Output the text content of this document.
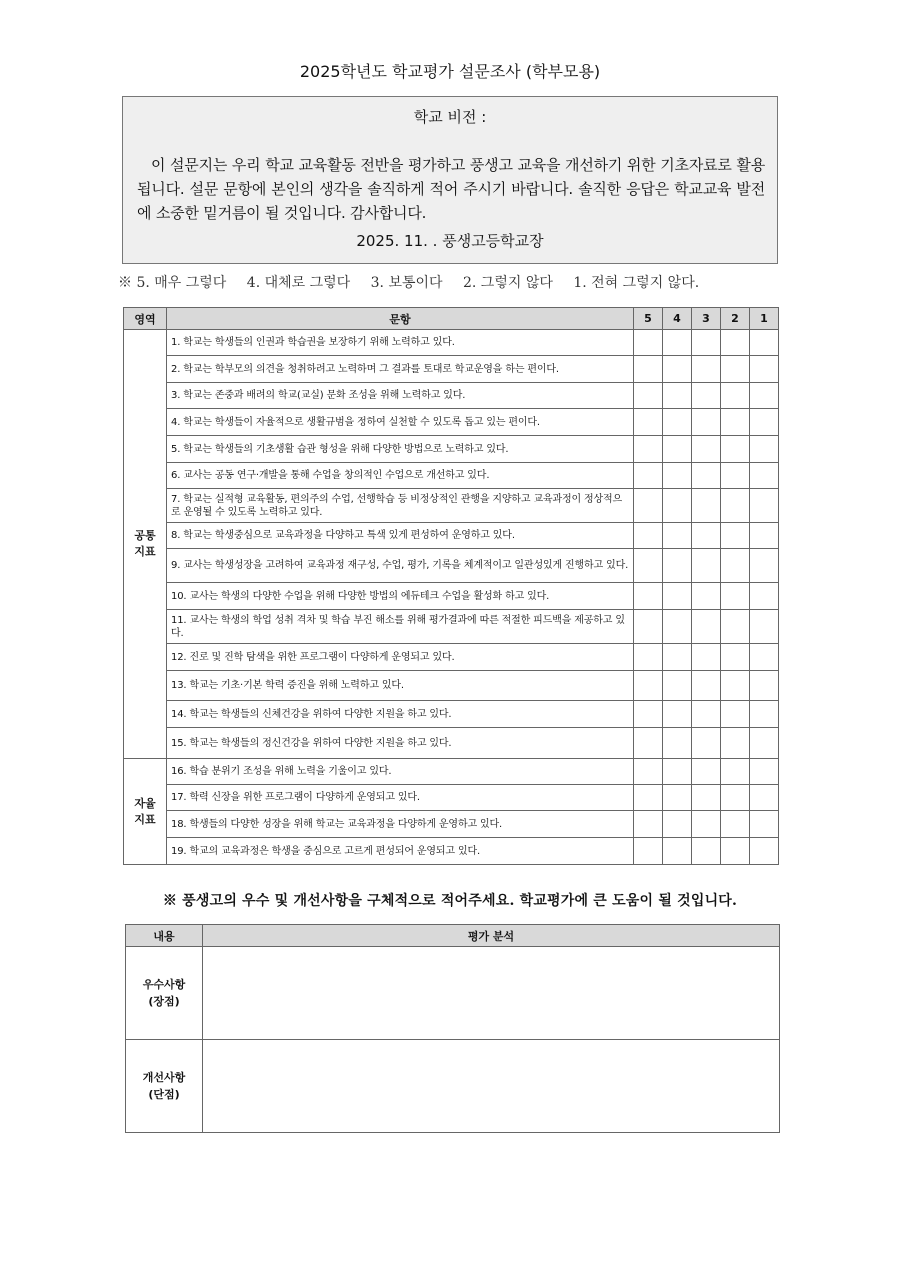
2025학년도 학교평가 설문조사 (학부모용)
학교 비전 :
이 설문지는 우리 학교 교육활동 전반을 평가하고 풍생고 교육을 개선하기 위한 기초자료로 활용됩니다. 설문 문항에 본인의 생각을 솔직하게 적어 주시기 바랍니다. 솔직한 응답은 학교교육 발전에 소중한 밑거름이 될 것입니다. 감사합니다.
2025. 11. . 풍생고등학교장
※ 5. 매우 그렇다 4. 대체로 그렇다 3. 보통이다 2. 그렇지 않다 1. 전혀 그렇지 않다.
영역	문항	5	4	3	2	1

공통
지표	1. 학교는 학생들의 인권과 학습권을 보장하기 위해 노력하고 있다.					
	2. 학교는 학부모의 의견을 청취하려고 노력하며 그 결과를 토대로 학교운영을 하는 편이다.					
	3. 학교는 존중과 배려의 학교(교실) 문화 조성을 위해 노력하고 있다.					
	4. 학교는 학생들이 자율적으로 생활규범을 정하여 실천할 수 있도록 돕고 있는 편이다.					
	5. 학교는 학생들의 기초생활 습관 형성을 위해 다양한 방법으로 노력하고 있다.					
	6. 교사는 공동 연구·개발을 통해 수업을 창의적인 수업으로 개선하고 있다.					
	7. 학교는 실적형 교육활동, 편의주의 수업, 선행학습 등 비정상적인 관행을 지양하고 교육과정이 정상적으로 운영될 수 있도록 노력하고 있다.					
	8. 학교는 학생중심으로 교육과정을 다양하고 특색 있게 편성하여 운영하고 있다.					
	9. 교사는 학생성장을 고려하여 교육과정 재구성, 수업, 평가, 기록을 체계적이고 일관성있게 진행하고 있다.					
	10. 교사는 학생의 다양한 수업을 위해 다양한 방법의 에듀테크 수업을 활성화 하고 있다.					
	11. 교사는 학생의 학업 성취 격차 및 학습 부진 해소를 위해 평가결과에 따른 적절한 피드백을 제공하고 있다.					
	12. 진로 및 진학 탐색을 위한 프로그램이 다양하게 운영되고 있다.					
	13. 학교는 기초·기본 학력 증진을 위해 노력하고 있다.					
	14. 학교는 학생들의 신체건강을 위하여 다양한 지원을 하고 있다.					
	15. 학교는 학생들의 정신건강을 위하여 다양한 지원을 하고 있다.					

자율
지표	16. 학습 분위기 조성을 위해 노력을 기울이고 있다.					
	17. 학력 신장을 위한 프로그램이 다양하게 운영되고 있다.					
	18. 학생들의 다양한 성장을 위해 학교는 교육과정을 다양하게 운영하고 있다.					
	19. 학교의 교육과정은 학생을 중심으로 고르게 편성되어 운영되고 있다.					
※ 풍생고의 우수 및 개선사항을 구체적으로 적어주세요. 학교평가에 큰 도움이 될 것입니다.
내용	평가 분석

우수사항
(장점)	

개선사항
(단점)	
